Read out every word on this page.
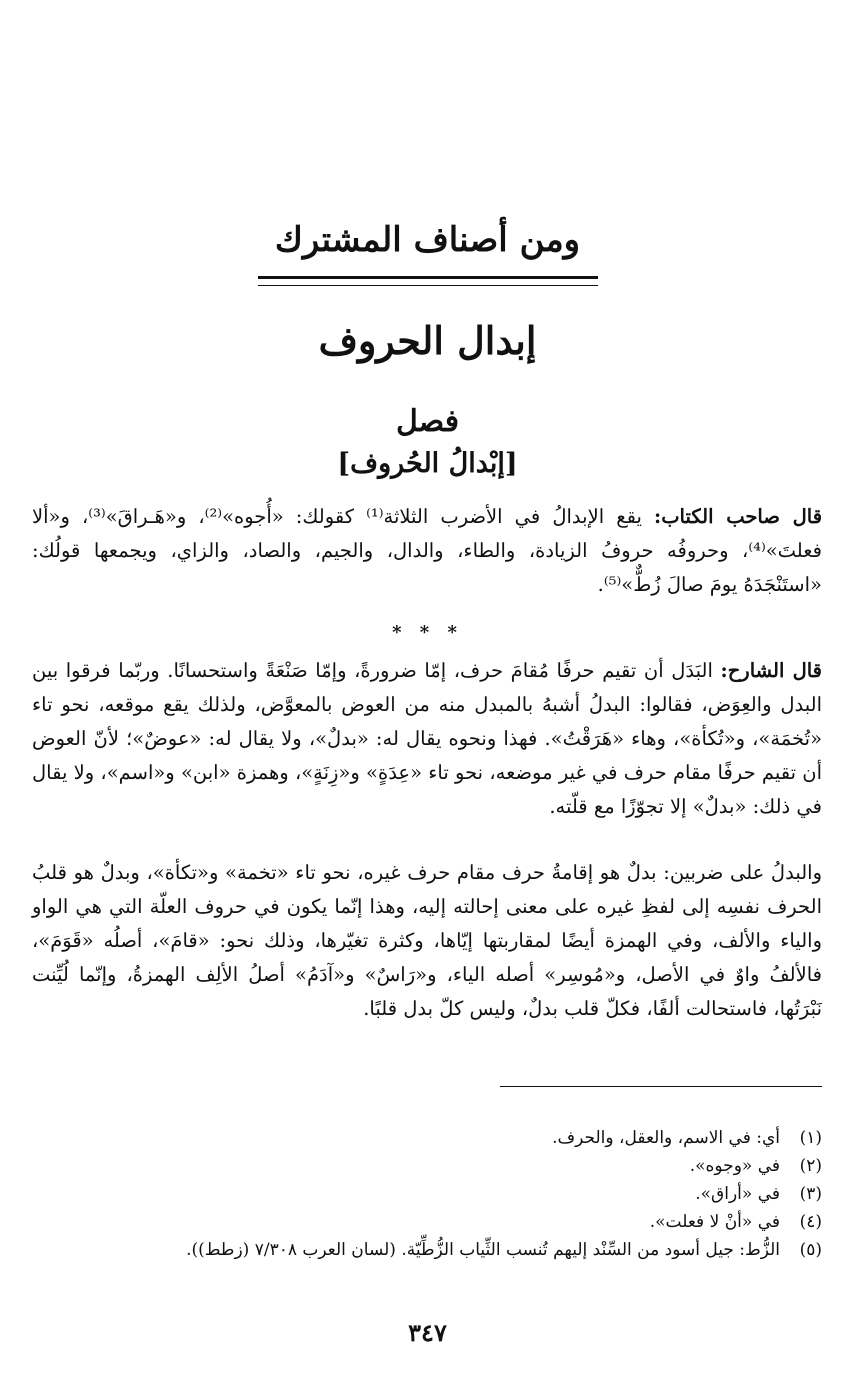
ومن أصناف المشترك
إبدال الحروف
فصل
[إبْدالُ الحُروف]

قال صاحب الكتاب: يقع الإبدالُ في الأضرب الثلاثة⁽¹⁾ كقولك: «أُجوه»⁽²⁾، و«هَـراقَ»⁽³⁾، و«ألا فعلتَ»⁽⁴⁾، وحروفُه حروفُ الزيادة، والطاء، والدال، والجيم، والصاد، والزاي، ويجمعها قولُك: «استَنْجَدَهُ يومَ صالَ زُطٌّ»⁽⁵⁾.

* * *

قال الشارح: البَدَل أن تقيم حرفًا مُقامَ حرف، إمّا ضرورةً، وإمّا صَنْعَةً واستحسانًا. وربّما فرقوا بين البدل والعِوَض، فقالوا: البدلُ أشبهُ بالمبدل منه من العوض بالمعوَّض، ولذلك يقع موقعه، نحو تاء «تُخمَة»، و«تُكأة»، وهاء «هَرَقْتُ». فهذا ونحوه يقال له: «بدلٌ»، ولا يقال له: «عوضٌ»؛ لأنّ العوض أن تقيم حرفًا مقام حرف في غير موضعه، نحو تاء «عِدَةٍ» و«زِنَةٍ»، وهمزة «ابن» و«اسم»، ولا يقال في ذلك: «بدلٌ» إلا تجوّزًا مع قلّته.

والبدلُ على ضربين: بدلٌ هو إقامةُ حرف مقام حرف غيره، نحو تاء «تخمة» و«تكأة»، وبدلٌ هو قلبُ الحرف نفسِه إلى لفظِ غيره على معنى إحالته إليه، وهذا إنّما يكون في حروف العلّة التي هي الواو والياء والألف، وفي الهمزة أيضًا لمقاربتها إيّاها، وكثرة تغيّرها، وذلك نحو: «قامَ»، أصلُه «قَوَمَ»، فالألفُ واوٌ في الأصل، و«مُوسِر» أصله الياء، و«رَاسٌ» و«آدَمُ» أصلُ الألِف الهمزةُ، وإنّما لُيِّنت نَبْرَتُها، فاستحالت ألفًا، فكلّ قلب بدلٌ، وليس كلّ بدل قلبًا.

(١)
أي: في الاسم، والعقل، والحرف.
(٢)
في «وجوه».
(٣)
في «أراق».
(٤)
في «أنْ لا فعلت».
(٥)
الزُّط: جيل أسود من السِّنْد إليهم تُنسب الثِّياب الزُّطِّيّة. (لسان العرب ٧/٣٠٨ (زطط)).
٣٤٧
